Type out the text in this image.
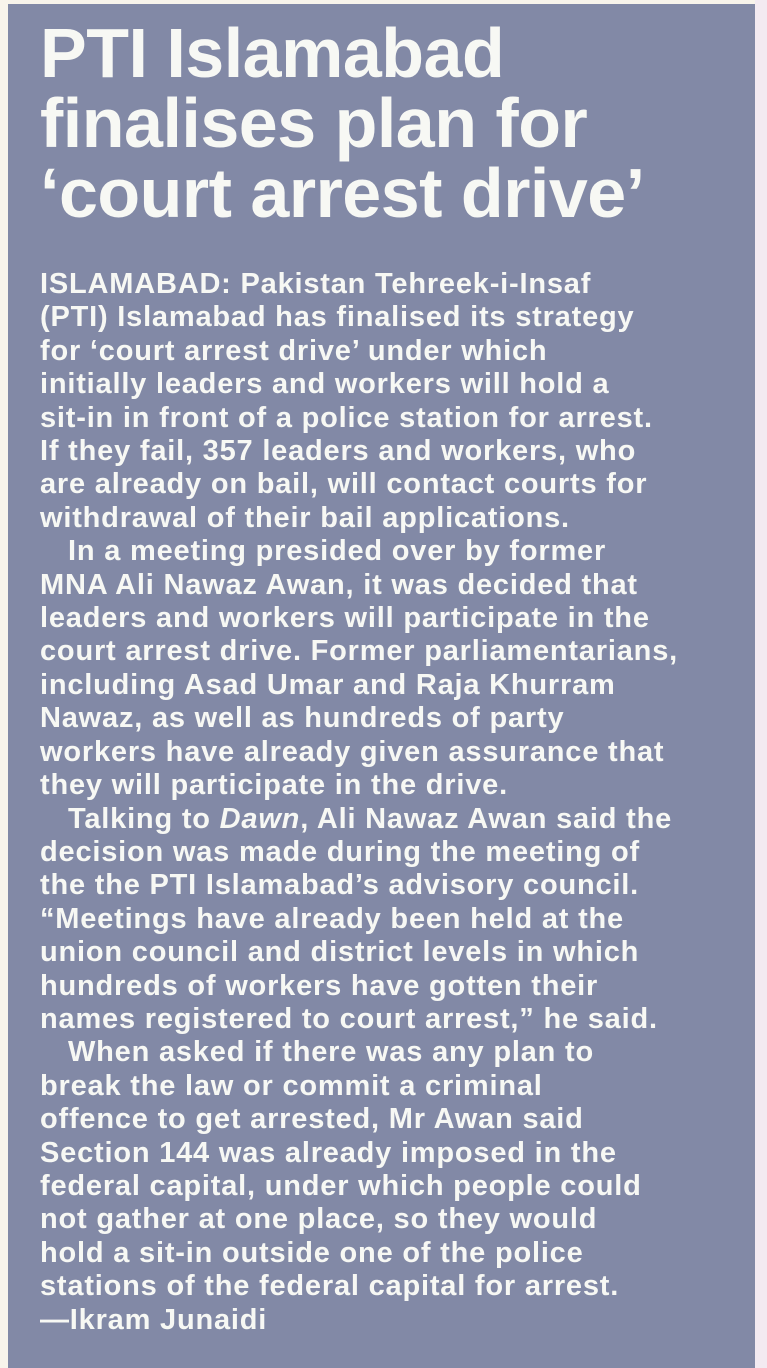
PTI Islamabad
finalises plan for
‘court arrest drive’
ISLAMABAD: Pakistan Tehreek-i-Insaf
(PTI) Islamabad has finalised its strategy
for ‘court arrest drive’ under which
initially leaders and workers will hold a
sit-in in front of a police station for arrest.
If they fail, 357 leaders and workers, who
are already on bail, will contact courts for
withdrawal of their bail applications.
In a meeting presided over by former
MNA Ali Nawaz Awan, it was decided that
leaders and workers will participate in the
court arrest drive. Former parliamentarians,
including Asad Umar and Raja Khurram
Nawaz, as well as hundreds of party
workers have already given assurance that
they will participate in the drive.
Talking to Dawn, Ali Nawaz Awan said the
decision was made during the meeting of
the the PTI Islamabad’s advisory council.
“Meetings have already been held at the
union council and district levels in which
hundreds of workers have gotten their
names registered to court arrest,” he said.
When asked if there was any plan to
break the law or commit a criminal
offence to get arrested, Mr Awan said
Section 144 was already imposed in the
federal capital, under which people could
not gather at one place, so they would
hold a sit-in outside one of the police
stations of the federal capital for arrest.
—Ikram Junaidi
